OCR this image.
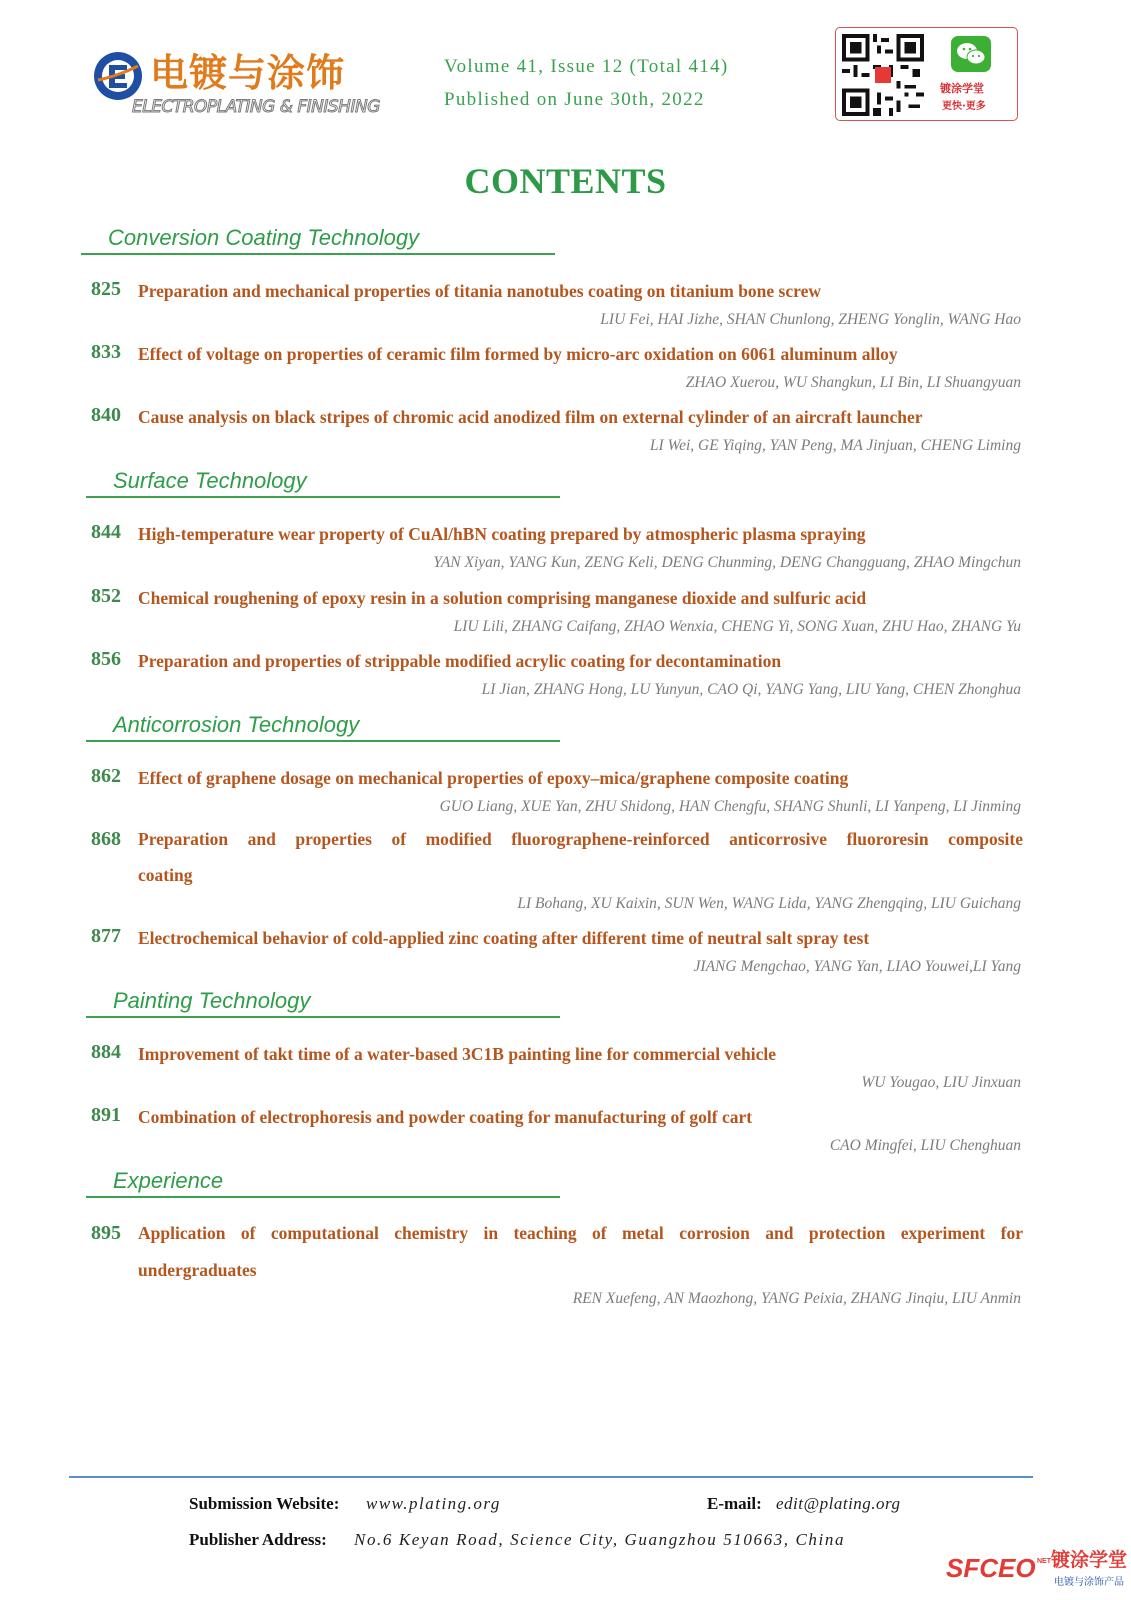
电镀与涂饰
ELECTROPLATING & FINISHING
Volume 41, Issue 12 (Total 414)
Published on June 30th, 2022
镀涂学堂
更快·更多
CONTENTS
Conversion Coating Technology
825 Preparation and mechanical properties of titania nanotubes coating on titanium bone screw
LIU Fei, HAI Jizhe, SHAN Chunlong, ZHENG Yonglin, WANG Hao
833 Effect of voltage on properties of ceramic film formed by micro-arc oxidation on 6061 aluminum alloy
ZHAO Xuerou, WU Shangkun, LI Bin, LI Shuangyuan
840 Cause analysis on black stripes of chromic acid anodized film on external cylinder of an aircraft launcher
LI Wei, GE Yiqing, YAN Peng, MA Jinjuan, CHENG Liming
Surface Technology
844 High-temperature wear property of CuAl/hBN coating prepared by atmospheric plasma spraying
YAN Xiyan, YANG Kun, ZENG Keli, DENG Chunming, DENG Changguang, ZHAO Mingchun
852 Chemical roughening of epoxy resin in a solution comprising manganese dioxide and sulfuric acid
LIU Lili, ZHANG Caifang, ZHAO Wenxia, CHENG Yi, SONG Xuan, ZHU Hao, ZHANG Yu
856 Preparation and properties of strippable modified acrylic coating for decontamination
LI Jian, ZHANG Hong, LU Yunyun, CAO Qi, YANG Yang, LIU Yang, CHEN Zhonghua
Anticorrosion Technology
862 Effect of graphene dosage on mechanical properties of epoxy–mica/graphene composite coating
GUO Liang, XUE Yan, ZHU Shidong, HAN Chengfu, SHANG Shunli, LI Yanpeng, LI Jinming
868 Preparation and properties of modified fluorographene-reinforced anticorrosive fluororesin composite
coating
LI Bohang, XU Kaixin, SUN Wen, WANG Lida, YANG Zhengqing, LIU Guichang
877 Electrochemical behavior of cold-applied zinc coating after different time of neutral salt spray test
JIANG Mengchao, YANG Yan, LIAO Youwei,LI Yang
Painting Technology
884 Improvement of takt time of a water-based 3C1B painting line for commercial vehicle
WU Yougao, LIU Jinxuan
891 Combination of electrophoresis and powder coating for manufacturing of golf cart
CAO Mingfei, LIU Chenghuan
Experience
895 Application of computational chemistry in teaching of metal corrosion and protection experiment for
undergraduates
REN Xuefeng, AN Maozhong, YANG Peixia, ZHANG Jinqiu, LIU Anmin
Submission Website: www.plating.org	E-mail: edit@plating.org
Publisher Address: No.6 Keyan Road, Science City, Guangzhou 510663, China
SFCEO NET 镀涂学堂
电镀与涂饰产品
